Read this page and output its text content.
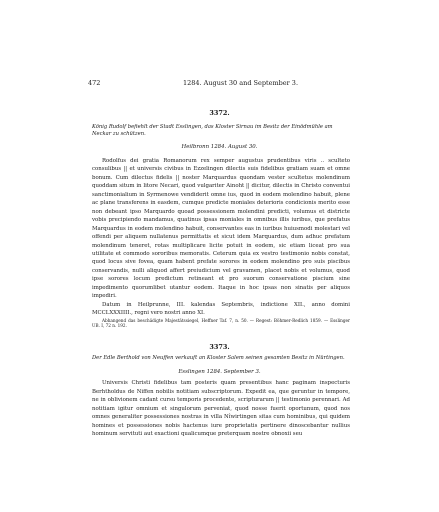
472	1284. August 30 and September 3.
3372.
König Rudolf befiehlt der Stadt Esslingen, das Kloster Sirnau im Besitz der Einödmühle am Neckar zu schützen.
Heilbronn 1284. August 30.

Rodolfus dei gratia Romanorum rex semper augustus prudentibus viris .. sculteto consulibus || et universis civibus in Ezzelingen dilectis suis fidelibus gratiam suam et omne bonum. Cum dilectus fidelis || noster Marquardus quondam vester scultetus molendinum quoddam situm in litore Necari, quod vulgariter Ainoht || dicitur, dilectis in Christo conventui sanctimonialium in Syrmenowe vendiderit omne ius, quod in eodem molendino habuit, plene ac plane transferens in easdem, cumque predicte moniales deterioris condicionis merito esse non debeant ipso Marquardo quoad possessionem molendini predicti, volumus et districte vobis precipiendo mandamus, quatinus ipsas moniales in omnibus illis iuribus, que prefatus Marquardus in eodem molendino habuit, conservantes eas in iuribus huiusmodi molestari vel offendi per aliquem nullatenus permittatis et sicut idem Marquardus, dum adhuc prefatum molendinum teneret, rotas multiplicare licite potuit in eodem, sic etiam liceat pro sua utilitate et commodo sororibus memoratis. Ceterum quia ex vestro testimonio nobis constat, quod locus sive fovea, quam habent prefate sorores in eodem molendino pro suis piscibus conservandis, nulli aliquod affert preiudicium vel gravamen, placet nobis et volumus, quod ipse sorores locum predictum retineant et pro suorum conservatione piscium sine impedimento quorumlibet utantur eodem. Itaque in hoc ipsas non sinatis per aliquos impediri.

Datum in Heilprunne, III. kalendas Septembris, indictione XII., anno domini MCCLXXXIIII., regni vero nostri anno XI.

Abhangend das beschädigte Majestätssiegel, Heffner Taf. 7, n. 50. — Regest: Böhmer-Redlich 1859. — Esslinger UB. I, 72 n. 192.

3373.
Der Edle Berthold von Neuffen verkauft an Kloster Salem seinen gesamten Besitz in Nürtingen.
Esslingen 1284. September 3.

Universis Christi fidelibus tam posteris quam presentibus hanc paginam inspecturis Berhtholdus de Niffen nobilis notitiam subscriptorum. Expedit ea, que geruntur in tempore, ne in oblivionem cadant cursu temporis procedente, scripturarum || testimonio perennari. Ad notitiam igitur omnium et singulorum perveniat, quod nosse fuerit oportunum, quod nos omnes generaliter possessiones nostras in villa Nîwirtingen sitas cum hominibus, qui quidem homines et possessiones nobis hactenus iure proprietatis pertinere dinoscebantur nullius hominum servituti aut exactioni qualicumque preterquam nostre obnoxii seu
